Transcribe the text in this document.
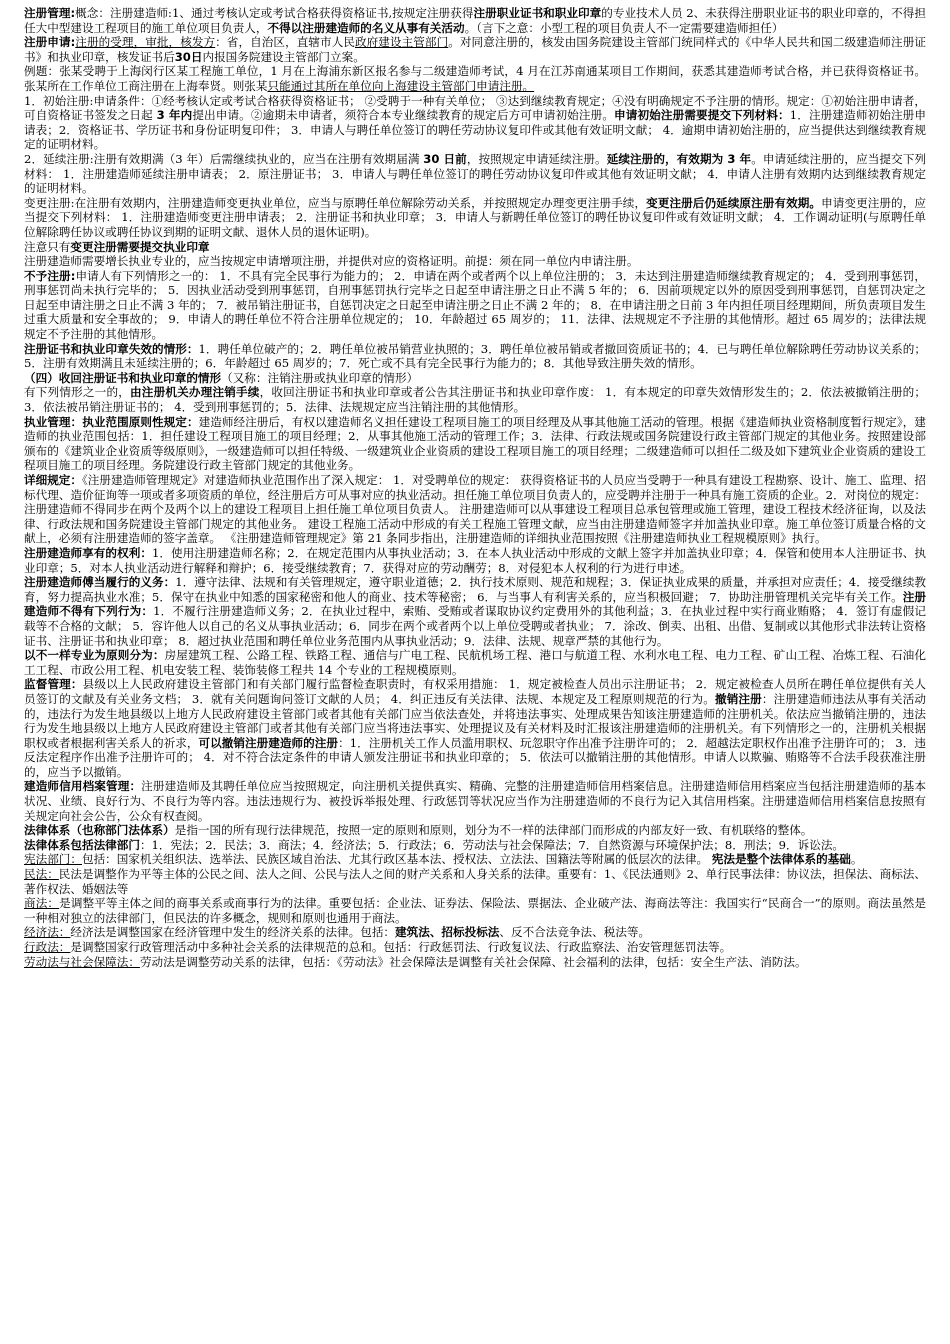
注册管理:概念：注册建造师:1、通过考核认定或考试合格获得资格证书,按规定注册获得注册职业证书和职业印章的专业技术人员 2、未获得注册职业证书的职业印章的，不得担任大中型建设工程项目的施工单位项目负责人，不得以注册建造师的名义从事有关活动。（言下之意：小型工程的项目负责人不一定需要建造师担任）

注册申请:注册的受理，审批，核发方：省，自治区，直辖市人民政府建设主管部门。对同意注册的，核发由国务院建设主管部门统同样式的《中华人民共和国二级建造师注册证书》和执业印章，核发证书后30日内报国务院建设主管部门立案。

例题：张某受聘于上海闵行区某工程施工单位，1 月在上海浦东新区报名参与二级建造师考试，4 月在江苏南通某项目工作期间，获悉其建造师考试合格，并已获得资格证书。张某所在工作单位工商注册在上海奉贤。则张某只能通过其所在单位向上海建设主管部门申请注册。

1．初始注册:申请条件：①经考核认定或考试合格获得资格证书； ②受聘于一种有关单位； ③达到继续教育规定；④没有明确规定不予注册的情形。规定：①初始注册申请者，可自资格证书签发之日起 3 年内提出申请。②逾期未申请者，须符合本专业继续教育的规定后方可申请初始注册。申请初始注册需要提交下列材料：1．注册建造师初始注册申请表；2．资格证书、学历证书和身份证明复印件； 3．申请人与聘任单位签订的聘任劳动协议复印件或其他有效证明文献； 4．逾期申请初始注册的，应当提供达到继续教育规定的证明材料。

2．延续注册:注册有效期满（3 年）后需继续执业的，应当在注册有效期届满 30 日前，按照规定申请延续注册。延续注册的，有效期为 3 年。申请延续注册的，应当提交下列材料： 1．注册建造师延续注册申请表； 2．原注册证书； 3．申请人与聘任单位签订的聘任劳动协议复印件或其他有效证明文献； 4．申请人注册有效期内达到继续教育规定的证明材料。

变更注册:在注册有效期内，注册建造师变更执业单位，应当与原聘任单位解除劳动关系，并按照规定办理变更注册手续，变更注册后仍延续原注册有效期。申请变更注册的，应当提交下列材料： 1．注册建造师变更注册申请表； 2．注册证书和执业印章； 3．申请人与新聘任单位签订的聘任协议复印件或有效证明文献； 4．工作调动证明(与原聘任单位解除聘任协议或聘任协议到期的证明文献、退休人员的退休证明)。

注意只有变更注册需要提交执业印章

注册建造师需要增长执业专业的，应当按规定申请增项注册，并提供对应的资格证明。前提：须在同一单位内申请注册。

不予注册:申请人有下列情形之一的： 1．不具有完全民事行为能力的； 2．申请在两个或者两个以上单位注册的； 3．未达到注册建造师继续教育规定的； 4．受到刑事惩罚，刑事惩罚尚未执行完毕的； 5．因执业活动受到刑事惩罚，自刑事惩罚执行完毕之日起至申请注册之日止不满 5 年的； 6．因前项规定以外的原因受到刑事惩罚，自惩罚决定之日起至申请注册之日止不满 3 年的； 7．被吊销注册证书，自惩罚决定之日起至申请注册之日止不满 2 年的； 8．在申请注册之日前 3 年内担任项目经理期间，所负责项目发生过重大质量和安全事故的； 9．申请人的聘任单位不符合注册单位规定的； 10．年龄超过 65 周岁的； 11．法律、法规规定不予注册的其他情形。超过 65 周岁的；法律法规规定不予注册的其他情形。

注册证书和执业印章失效的情形：1．聘任单位破产的；2．聘任单位被吊销营业执照的；3．聘任单位被吊销或者撤回资质证书的；4．已与聘任单位解除聘任劳动协议关系的；5．注册有效期满且未延续注册的；6．年龄超过 65 周岁的；7．死亡或不具有完全民事行为能力的；8．其他导致注册失效的情形。

（四）收回注册证书和执业印章的情形（又称：注销注册或执业印章的情形）

有下列情形之一的，由注册机关办理注销手续，收回注册证书和执业印章或者公告其注册证书和执业印章作废： 1．有本规定的印章失效情形发生的；2．依法被撤销注册的；3．依法被吊销注册证书的； 4．受到刑事惩罚的；5．法律、法规规定应当注销注册的其他情形。

执业管理：执业范围原则性规定：建造师经注册后，有权以建造师名义担任建设工程项目施工的项目经理及从事其他施工活动的管理。根据《建造师执业资格制度暂行规定》，建造师的执业范围包括：1．担任建设工程项目施工的项目经理；2．从事其他施工活动的管理工作；3．法律、行政法规或国务院建设行政主管部门规定的其他业务。按照建设部颁布的《建筑业企业资质等级原则》，一级建造师可以担任特级、一级建筑业企业资质的建设工程项目施工的项目经理；二级建造师可以担任二级及如下建筑业企业资质的建设工程项目施工的项目经理。务院建设行政主管部门规定的其他业务。

详细规定：《注册建造师管理规定》对建造师执业范围作出了深入规定： 1．对受聘单位的规定： 获得资格证书的人员应当受聘于一种具有建设工程勘察、设计、施工、监理、招标代理、造价征询等一项或者多项资质的单位，经注册后方可从事对应的执业活动。担任施工单位项目负责人的，应受聘并注册于一种具有施工资质的企业。2．对岗位的规定： 注册建造师不得同步在两个及两个以上的建设工程项目上担任施工单位项目负责人。 注册建造师可以从事建设工程项目总承包管理或施工管理，建设工程技术经济征询，以及法律、行政法规和国务院建设主管部门规定的其他业务。 建设工程施工活动中形成的有关工程施工管理文献，应当由注册建造师签字并加盖执业印章。施工单位签订质量合格的文献上，必须有注册建造师的签字盖章。 《注册建造师管理规定》第 21 条同步指出，注册建造师的详细执业范围按照《注册建造师执业工程规模原则》执行。

注册建造师享有的权利：1．使用注册建造师名称；2．在规定范围内从事执业活动；3．在本人执业活动中形成的文献上签字并加盖执业印章；4．保管和使用本人注册证书、执业印章；5．对本人执业活动进行解释和辩护；6．接受继续教育；7．获得对应的劳动酬劳；8．对侵犯本人权利的行为进行申述。

注册建造师傅当履行的义务：1．遵守法律、法规和有关管理规定，遵守职业道德；2．执行技术原则、规范和规程；3．保证执业成果的质量，并承担对应责任；4．接受继续教育，努力提高执业水准；5．保守在执业中知悉的国家秘密和他人的商业、技术等秘密； 6．与当事人有利害关系的，应当积极回避； 7．协助注册管理机关完毕有关工作。注册建造师不得有下列行为：1．不履行注册建造师义务；2．在执业过程中，索贿、受贿或者谋取协议约定费用外的其他利益；3．在执业过程中实行商业贿赂； 4．签订有虚假记载等不合格的文献； 5．容许他人以自己的名义从事执业活动；6．同步在两个或者两个以上单位受聘或者执业； 7．涂改、倒卖、出租、出借、复制或以其他形式非法转让资格证书、注册证书和执业印章； 8．超过执业范围和聘任单位业务范围内从事执业活动；9．法律、法规、规章严禁的其他行为。

以不一样专业为原则分为：房屋建筑工程、公路工程、铁路工程、通信与广电工程、民航机场工程、港口与航道工程、水利水电工程、电力工程、矿山工程、冶炼工程、石油化工工程、市政公用工程、机电安装工程、装饰装修工程共 14 个专业的工程规模原则。

监督管理：县级以上人民政府建设主管部门和有关部门履行监督检查职责时，有权采用措施： 1．规定被检查人员出示注册证书； 2．规定被检查人员所在聘任单位提供有关人员签订的文献及有关业务文档； 3．就有关问题询问签订文献的人员； 4．纠正违反有关法律、法规、本规定及工程原则规范的行为。撤销注册：注册建造师违法从事有关活动的，违法行为发生地县级以上地方人民政府建设主管部门或者其他有关部门应当依法查处，并将违法事实、处理成果告知该注册建造师的注册机关。依法应当撤销注册的，违法行为发生地县级以上地方人民政府建设主管部门或者其他有关部门应当将违法事实、处理提议及有关材料及时汇报该注册建造师的注册机关。有下列情形之一的，注册机关根据职权或者根据利害关系人的祈求，可以撤销注册建造师的注册：1．注册机关工作人员滥用职权、玩忽职守作出准予注册许可的； 2．超越法定职权作出准予注册许可的； 3．违反法定程序作出准予注册许可的； 4．对不符合法定条件的申请人颁发注册证书和执业印章的； 5．依法可以撤销注册的其他情形。申请人以欺骗、贿赂等不合法手段获准注册的，应当予以撤销。

建造师信用档案管理：注册建造师及其聘任单位应当按照规定，向注册机关提供真实、精确、完整的注册建造师信用档案信息。注册建造师信用档案应当包括注册建造师的基本状况、业绩、良好行为、不良行为等内容。违法违规行为、被投诉举报处理、行政惩罚等状况应当作为注册建造师的不良行为记入其信用档案。注册建造师信用档案信息按照有关规定向社会公告，公众有权查阅。

法律体系（也称部门法体系）是指一国的所有现行法律规范，按照一定的原则和原则，划分为不一样的法律部门而形成的内部友好一致、有机联络的整体。

法律体系包括法律部门：1．宪法；2．民法；3．商法；4．经济法；5．行政法；6．劳动法与社会保障法；7．自然资源与环境保护法；8．刑法；9．诉讼法。

宪法部门：包括：国家机关组织法、选举法、民族区域自治法、尤其行政区基本法、授权法、立法法、国籍法等附属的低层次的法律。 宪法是整个法律体系的基础。

民法：民法是调整作为平等主体的公民之间、法人之间、公民与法人之间的财产关系和人身关系的法律。重要有：1、《民法通则》2、单行民事法律：协议法，担保法、商标法、著作权法、婚姻法等

商法：是调整平等主体之间的商事关系或商事行为的法律。重要包括：企业法、证券法、保险法、票据法、企业破产法、海商法等注：我国实行“民商合一”的原则。商法虽然是一种相对独立的法律部门，但民法的许多概念，规则和原则也通用于商法。

经济法：经济法是调整国家在经济管理中发生的经济关系的法律。包括：建筑法、招标投标法、反不合法竞争法、税法等。

行政法：是调整国家行政管理活动中多种社会关系的法律规范的总和。包括：行政惩罚法、行政复议法、行政监察法、治安管理惩罚法等。

劳动法与社会保障法：劳动法是调整劳动关系的法律，包括：《劳动法》社会保障法是调整有关社会保障、社会福利的法律，包括：安全生产法、消防法。
